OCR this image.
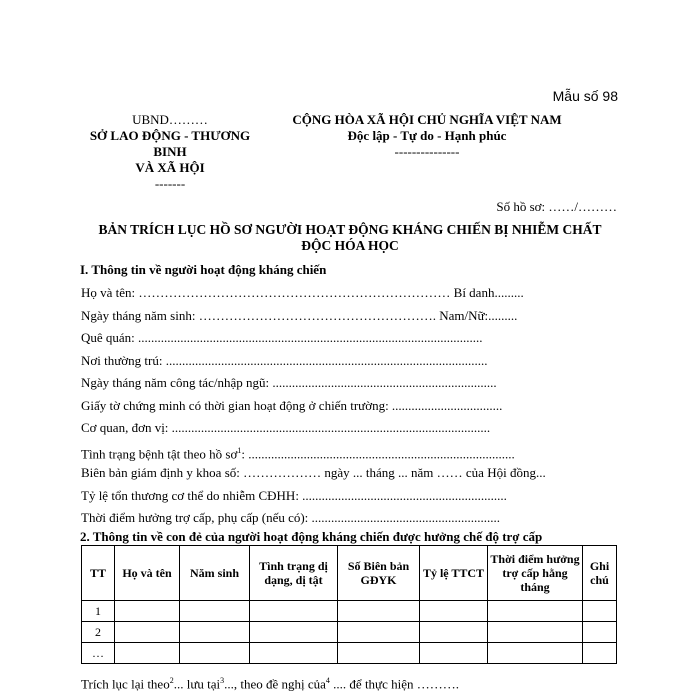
Mẫu số 98
UBND………
SỞ LAO ĐỘNG - THƯƠNG
BINH
VÀ XÃ HỘI
-------
CỘNG HÒA XÃ HỘI CHỦ NGHĨA VIỆT NAM
Độc lập - Tự do - Hạnh phúc
---------------
Số hồ sơ: ……/………
BẢN TRÍCH LỤC HỒ SƠ NGƯỜI HOẠT ĐỘNG KHÁNG CHIẾN BỊ NHIỄM CHẤT
ĐỘC HÓA HỌC
I. Thông tin về người hoạt động kháng chiến
Họ và tên: ……………………………………………………………… Bí danh.........
Ngày tháng năm sinh: ………………………………………………. Nam/Nữ:.........
Quê quán: ..........................................................................................................
Nơi thường trú: ...................................................................................................
Ngày tháng năm công tác/nhập ngũ: .....................................................................
Giấy tờ chứng minh có thời gian hoạt động ở chiến trường: ..................................
Cơ quan, đơn vị: ..................................................................................................
Tình trạng bệnh tật theo hồ $sơ^1$: ..................................................................................
Biên bản giám định y khoa số: ……………… ngày ... tháng ... năm …… của Hội đồng...
Tỷ lệ tổn thương cơ thể do nhiễm CĐHH: ...............................................................
Thời điểm hưởng trợ cấp, phụ cấp (nếu có): ..........................................................
2. Thông tin về con đẻ của người hoạt động kháng chiến được hưởng chế độ trợ cấp
TT	Họ và tên	Năm sinh	Tình trạng dị dạng, dị tật	Số Biên bản GĐYK	Tỷ lệ TTCT	Thời điểm hưởng trợ cấp hằng tháng	Ghi chú
1							
2							
…							
Trích lục lại theo$^2$... lưu tại$^3$..., theo đề nghị của$^4$ .... để thực hiện ……….
